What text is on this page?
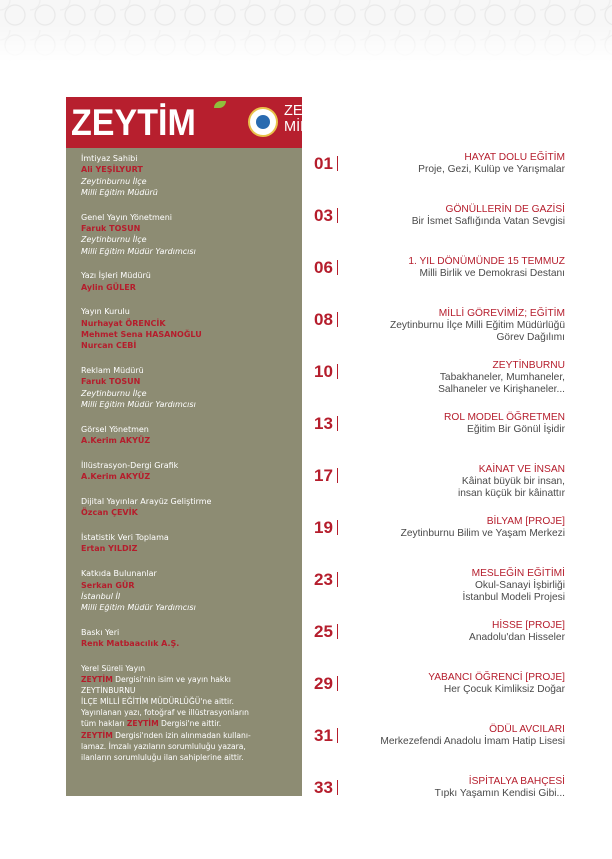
ZEYTİM	ZEYTİNBURNU
MİLLİ EĞİTİM
İmtiyaz Sahibi
Ali YEŞİLYURT
Zeytinburnu İlçe
Milli Eğitim Müdürü
Genel Yayın Yönetmeni
Faruk TOSUN
Zeytinburnu İlçe
Milli Eğitim Müdür Yardımcısı
Yazı İşleri Müdürü
Aylin GÜLER
Yayın Kurulu
Nurhayat ÖRENCİK
Mehmet Sena HASANOĞLU
Nurcan CEBİ
Reklam Müdürü
Faruk TOSUN
Zeytinburnu İlçe
Milli Eğitim Müdür Yardımcısı
Görsel Yönetmen
A.Kerim AKYÜZ
İllüstrasyon-Dergi Grafik
A.Kerim AKYÜZ
Dijital Yayınlar Arayüz Geliştirme
Özcan ÇEVİK
İstatistik Veri Toplama
Ertan YILDIZ
Katkıda Bulunanlar
Serkan GÜR
İstanbul İl
Milli Eğitim Müdür Yardımcısı
Baskı Yeri
Renk Matbaacılık A.Ş.
Yerel Süreli Yayın
ZEYTİM Dergisi'nin isim ve yayın hakkı
ZEYTİNBURNU
İLÇE MİLLİ EĞİTİM MÜDÜRLÜĞÜ'ne aittir.
Yayınlanan yazı, fotoğraf ve illüstrasyonların
tüm hakları ZEYTİM Dergisi'ne aittir.
ZEYTİM Dergisi'nden izin alınmadan kullanı-
lamaz. İmzalı yazıların sorumluluğu yazara,
ilanların sorumluluğu ilan sahiplerine aittir.
01	HAYAT DOLU EĞİTİM
Proje, Gezi, Kulüp ve Yarışmalar
03	GÖNÜLLERİN DE GAZİSİ
Bir İsmet Saflığında Vatan Sevgisi
06	1. YIL DÖNÜMÜNDE 15 TEMMUZ
Milli Birlik ve Demokrasi Destanı
08	MİLLİ GÖREVİMİZ; EĞİTİM
Zeytinburnu İlçe Milli Eğitim Müdürlüğü
Görev Dağılımı
10	ZEYTİNBURNU
Tabakhaneler, Mumhaneler,
Salhaneler ve Kirişhaneler...
13	ROL MODEL ÖĞRETMEN
Eğitim Bir Gönül İşidir
17	KAİNAT VE İNSAN
Kâinat büyük bir insan,
insan küçük bir kâinattır
19	BİLYAM [PROJE]
Zeytinburnu Bilim ve Yaşam Merkezi
23	MESLEĞİN EĞİTİMİ
Okul-Sanayi İşbirliği
İstanbul Modeli Projesi
25	HİSSE [PROJE]
Anadolu'dan Hisseler
29	YABANCI ÖĞRENCİ [PROJE]
Her Çocuk Kimliksiz Doğar
31	ÖDÜL AVCILARI
Merkezefendi Anadolu İmam Hatip Lisesi
33	İSPİTALYA BAHÇESİ
Tıpkı Yaşamın Kendisi Gibi...
